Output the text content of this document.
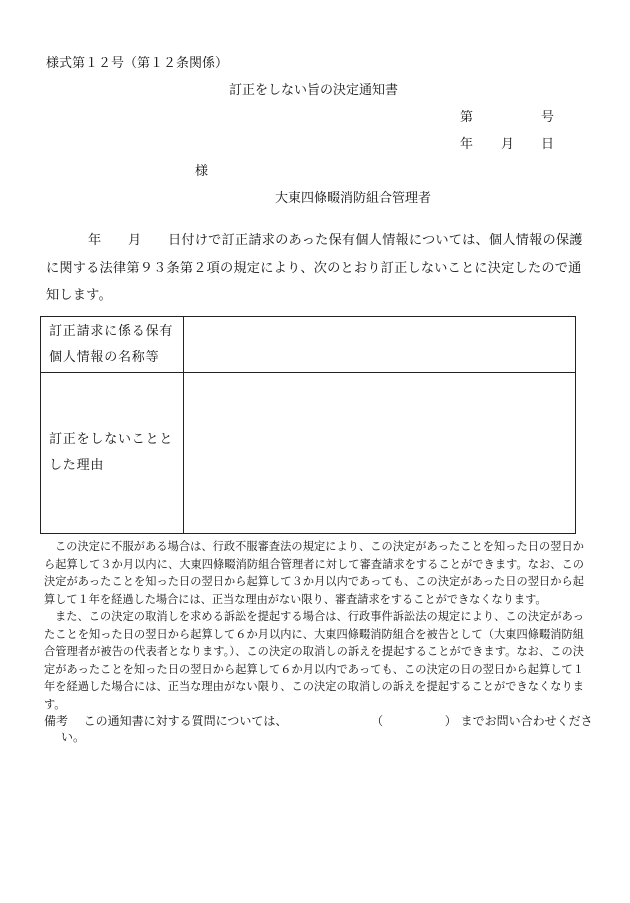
様式第１２号（第１２条関係）
訂正をしない旨の決定通知書
第	号
年 月 日
様
大東四條畷消防組合管理者
年 月 日付けで訂正請求のあった保有個人情報については、個人情報の保護
に関する法律第９３条第２項の規定により、次のとおり訂正しないことに決定したので通
知します。
訂正請求に係る保有
個人情報の名称等
訂正をしないことと
した理由

この決定に不服がある場合は、行政不服審査法の規定により、この決定があったことを知った日の翌日から起算して３か月以内に、大東四條畷消防組合管理者に対して審査請求をすることができます。なお、この決定があったことを知った日の翌日から起算して３か月以内であっても、この決定があった日の翌日から起算して１年を経過した場合には、正当な理由がない限り、審査請求をすることができなくなります。

また、この決定の取消しを求める訴訟を提起する場合は、行政事件訴訟法の規定により、この決定があったことを知った日の翌日から起算して６か月以内に、大東四條畷消防組合を被告として（大東四條畷消防組合管理者が被告の代表者となります。）、この決定の取消しの訴えを提起することができます。なお、この決定があったことを知った日の翌日から起算して６か月以内であっても、この決定の日の翌日から起算して１年を経過した場合には、正当な理由がない限り、この決定の取消しの訴えを提起することができなくなります。

備考 この通知書に対する質問については、	（	） までお問い合わせくださ
い。
